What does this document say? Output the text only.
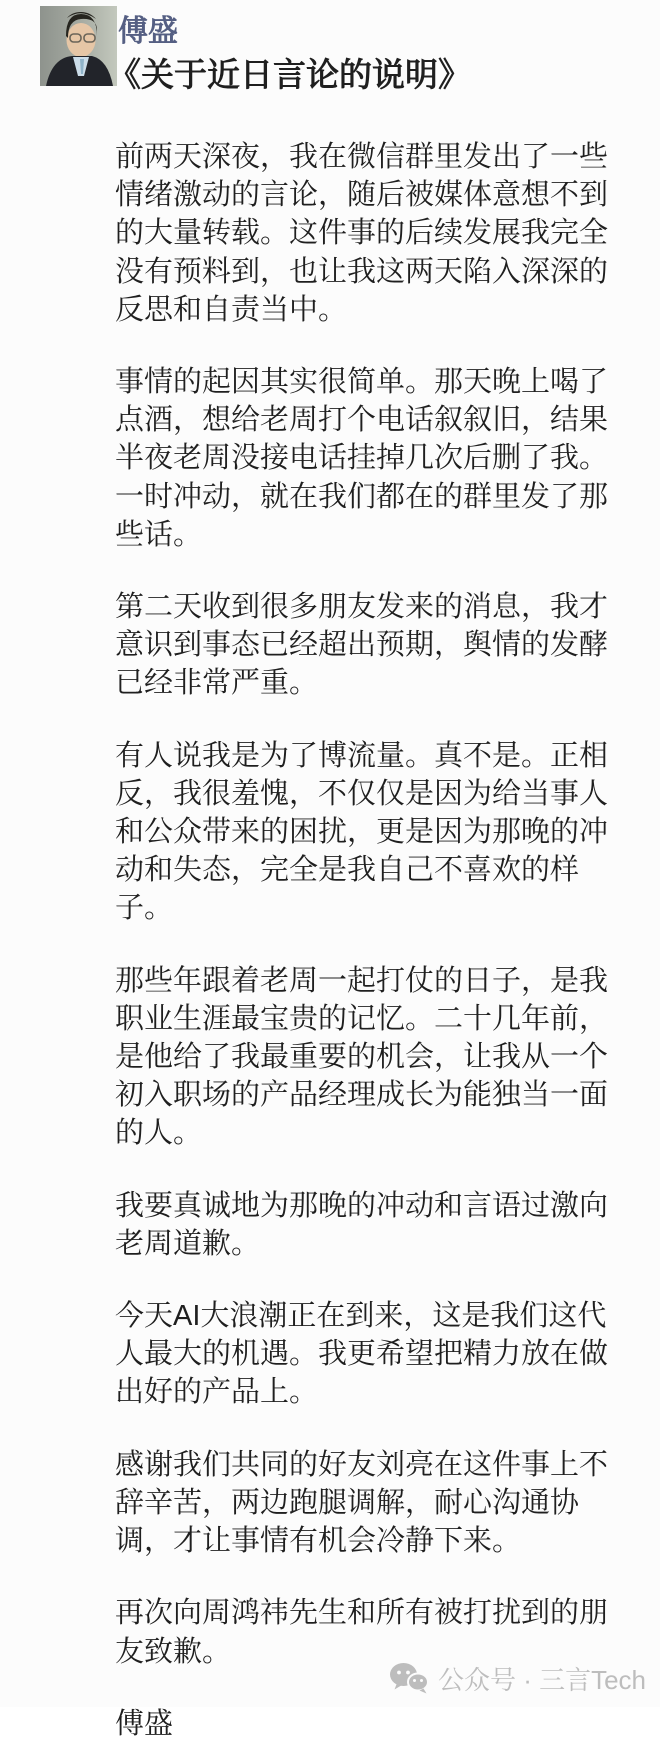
傅盛
《关于近日言论的说明》

前两天深夜，我在微信群里发出了一些情绪激动的言论，随后被媒体意想不到的大量转载。这件事的后续发展我完全没有预料到，也让我这两天陷入深深的反思和自责当中。

事情的起因其实很简单。那天晚上喝了点酒，想给老周打个电话叙叙旧，结果半夜老周没接电话挂掉几次后删了我。一时冲动，就在我们都在的群里发了那些话。

第二天收到很多朋友发来的消息，我才意识到事态已经超出预期，舆情的发酵已经非常严重。

有人说我是为了博流量。真不是。正相反，我很羞愧，不仅仅是因为给当事人和公众带来的困扰，更是因为那晚的冲动和失态，完全是我自己不喜欢的样子。

那些年跟着老周一起打仗的日子，是我职业生涯最宝贵的记忆。二十几年前，是他给了我最重要的机会，让我从一个初入职场的产品经理成长为能独当一面的人。

我要真诚地为那晚的冲动和言语过激向老周道歉。

今天AI大浪潮正在到来，这是我们这代人最大的机遇。我更希望把精力放在做出好的产品上。

感谢我们共同的好友刘亮在这件事上不辞辛苦，两边跑腿调解，耐心沟通协调，才让事情有机会冷静下来。

再次向周鸿祎先生和所有被打扰到的朋友致歉。

傅盛

公众号 · 三言Tech
